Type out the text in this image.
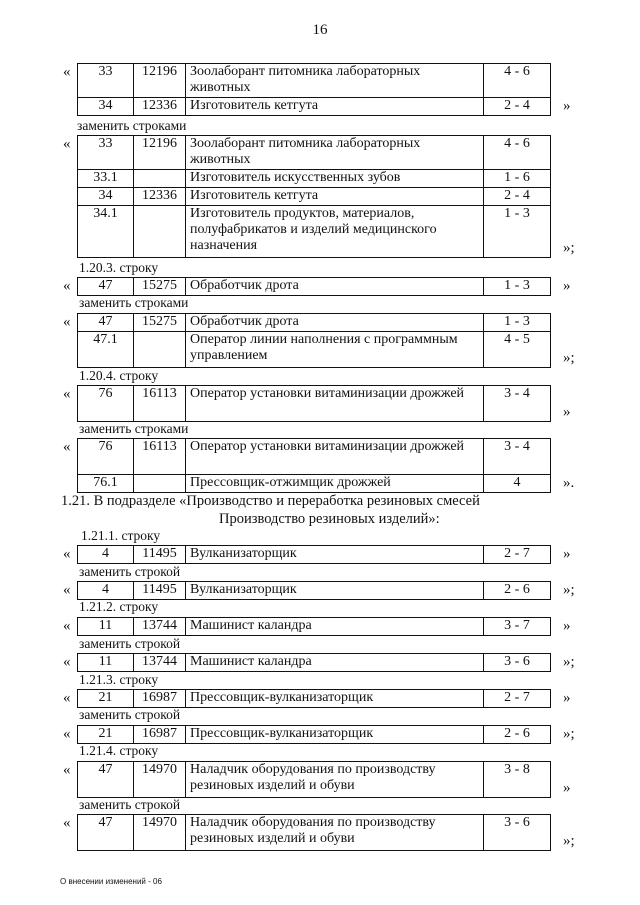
16
33	12196	Зоолаборант питомника лабораторных животных	4 - 6
34	12336	Изготовитель кетгута	2 - 4
«
»
заменить строками
33	12196	Зоолаборант питомника лабораторных животных	4 - 6
33.1		Изготовитель искусственных зубов	1 - 6
34	12336	Изготовитель кетгута	2 - 4
34.1		Изготовитель продуктов, материалов, полуфабрикатов и изделий медицинского назначения	1 - 3
«
»;
1.20.3. строку
47	15275	Обработчик дрота	1 - 3
«	»
заменить строками
47	15275	Обработчик дрота	1 - 3
47.1		Оператор линии наполнения с программным управлением	4 - 5
«
»;
1.20.4. строку
76	16113	Оператор установки витаминизации дрожжей	3 - 4
«
»
заменить строками
76	16113	Оператор установки витаминизации дрожжей	3 - 4
76.1		Прессовщик-отжимщик дрожжей	4
«
».
1.21. В подразделе «Производство и переработка резиновых смесей
Производство резиновых изделий»:
1.21.1. строку
4	11495	Вулканизаторщик	2 - 7
«	»
заменить строкой
4	11495	Вулканизаторщик	2 - 6
«	»;
1.21.2. строку
11	13744	Машинист каландра	3 - 7
«	»
заменить строкой
11	13744	Машинист каландра	3 - 6
«	»;
1.21.3. строку
21	16987	Прессовщик-вулканизаторщик	2 - 7
«	»
заменить строкой
21	16987	Прессовщик-вулканизаторщик	2 - 6
«	»;
1.21.4. строку
47	14970	Наладчик оборудования по производству резиновых изделий и обуви	3 - 8
«
»
заменить строкой
47	14970	Наладчик оборудования по производству резиновых изделий и обуви	3 - 6
«
»;
О внесении изменений - 06
